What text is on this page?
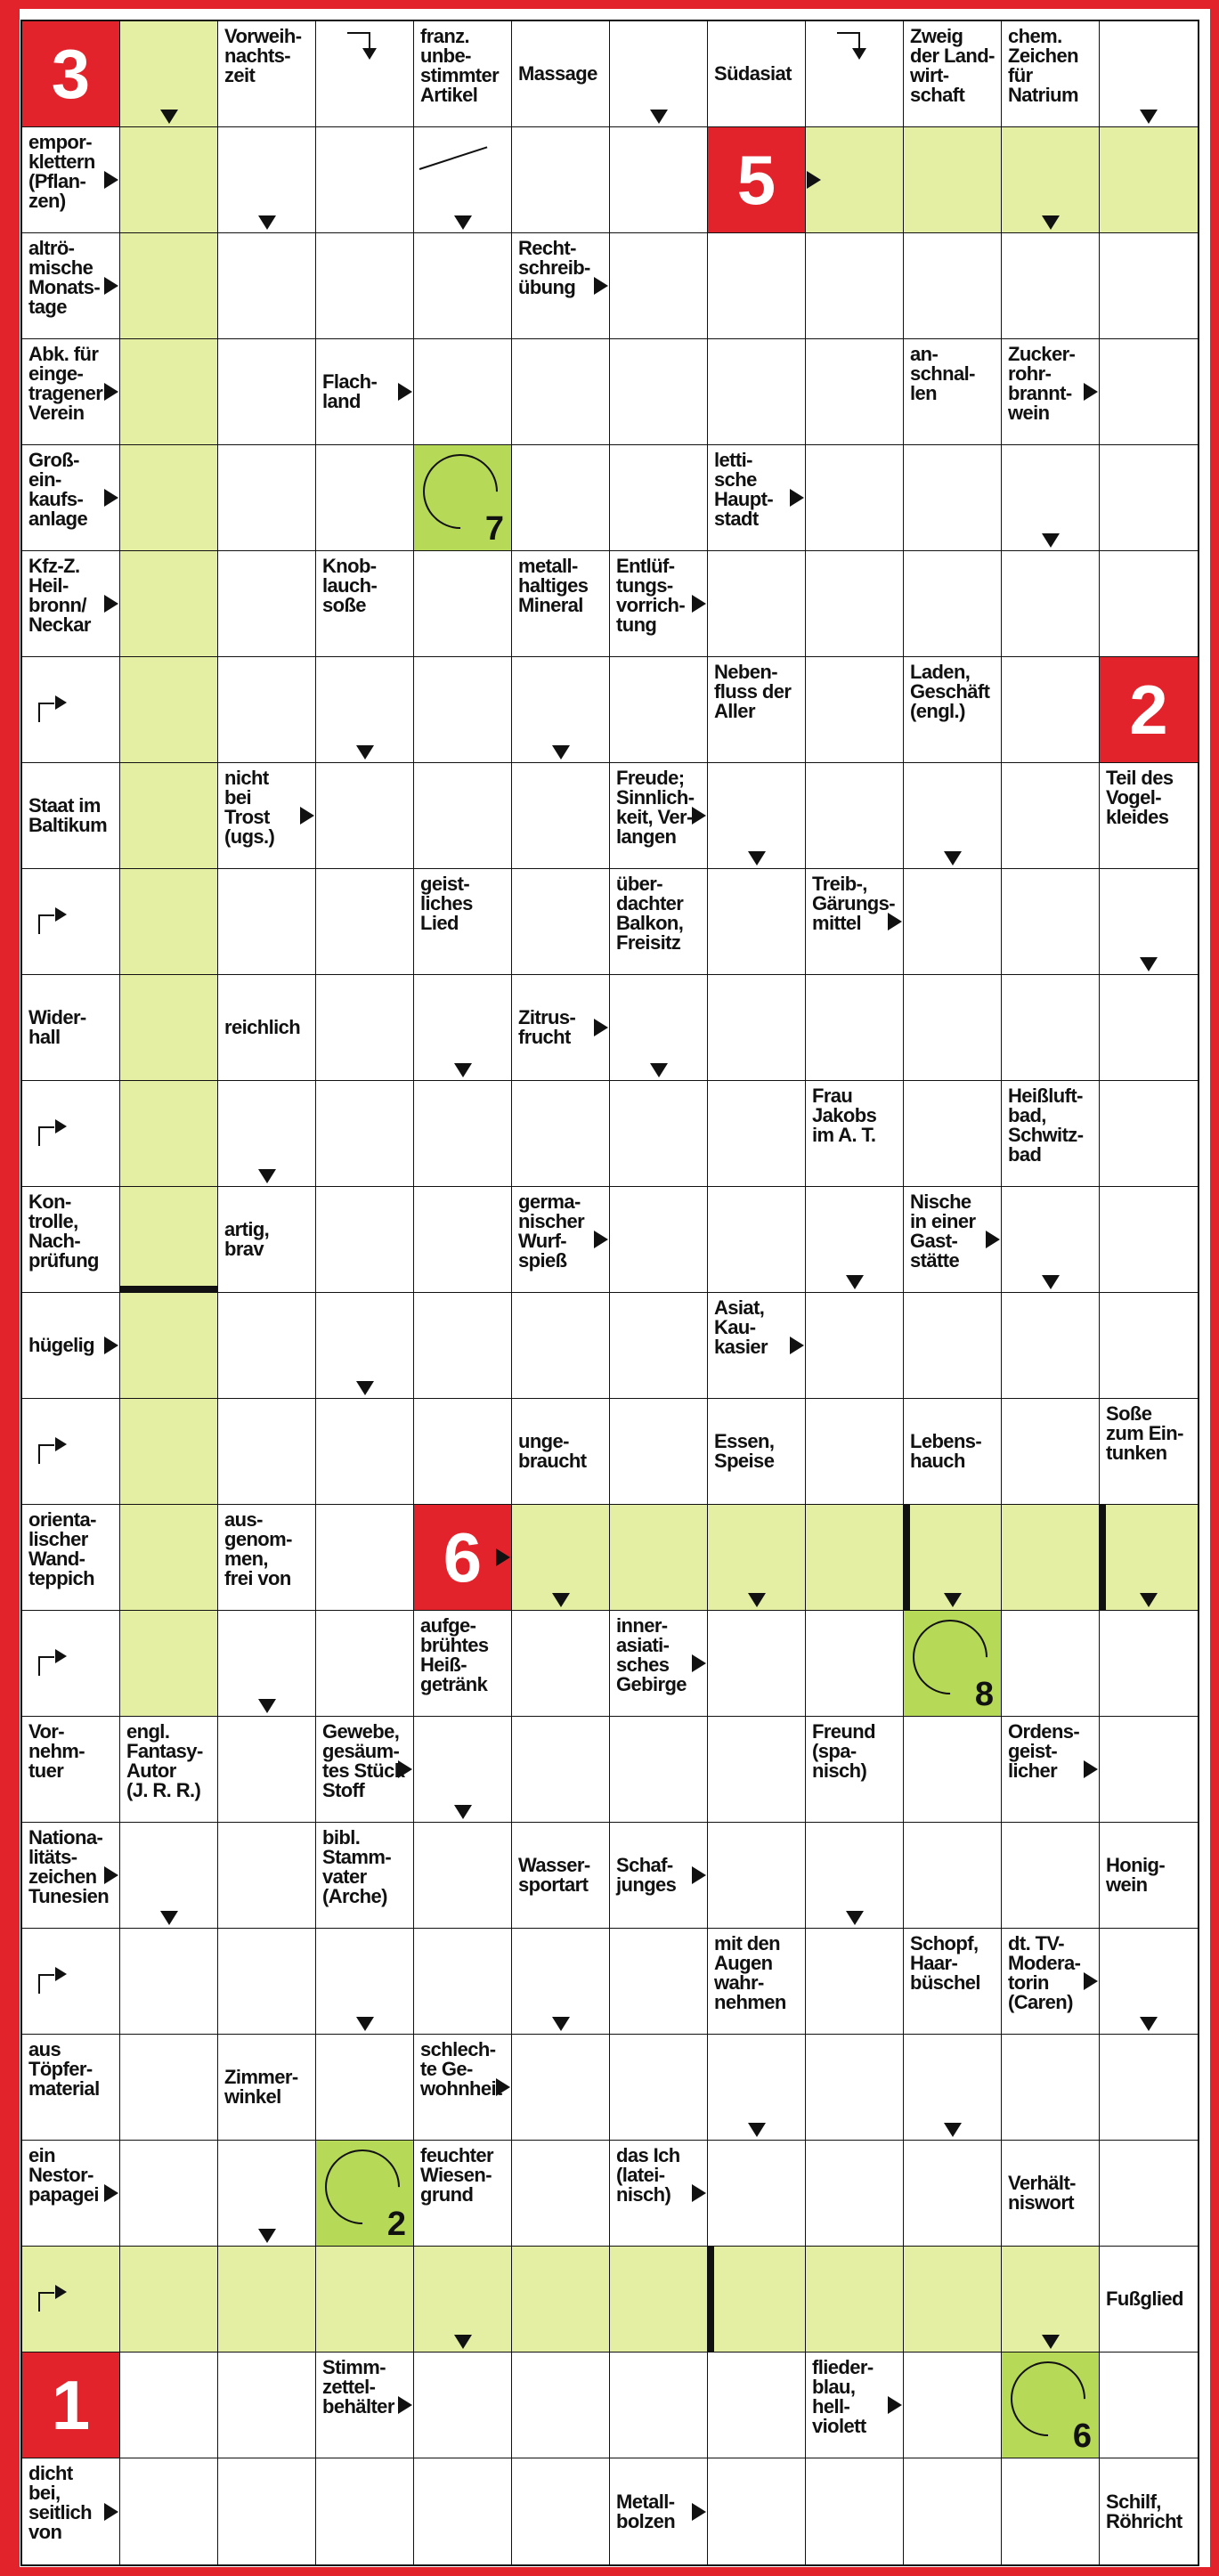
3	Vorweih-
nachts-
zeit
franz.
unbe-
stimmter
Artikel
Massage	Südasiat
Zweig
der Land-
wirt-
schaft
chem.
Zeichen
für
Natrium
empor-
klettern
(Pflan-
zen)	5
altrö-
mische
Monats-
tage
Recht-
schreib-
übung
Abk. für
einge-
tragener
Verein
Flach-
land
an-
schnal-
len
Zucker-
rohr-
brannt-
wein
Groß-
ein-
kaufs-
anlage	7
letti-
sche
Haupt-
stadt
Kfz-Z.
Heil-
bronn/
Neckar
Knob-
lauch-
soße
metall-
haltiges
Mineral
Entlüf-
tungs-
vorrich-
tung
Neben-
fluss der
Aller
Laden,
Geschäft
(engl.)	2
Staat im
Baltikum
nicht
bei
Trost
(ugs.)
Freude;
Sinnlich-
keit, Ver-
langen
Teil des
Vogel-
kleides
geist-
liches
Lied
über-
dachter
Balkon,
Freisitz
Treib-,
Gärungs-
mittel
Wider-
hall	reichlich	Zitrus-
frucht
Frau
Jakobs
im A. T.
Heißluft-
bad,
Schwitz-
bad
Kon-
trolle,
Nach-
prüfung
artig,
brav
germa-
nischer
Wurf-
spieß
Nische
in einer
Gast-
stätte
hügelig
Asiat,
Kau-
kasier
unge-
braucht
Essen,
Speise
Lebens-
hauch
Soße
zum Ein-
tunken
orienta-
lischer
Wand-
teppich
aus-
genom-
men,
frei von 6
aufge-
brühtes
Heiß-
getränk
inner-
asiati-
sches
Gebirge	8
Vor-
nehm-
tuer
engl.
Fantasy-
Autor
(J. R. R.)
Gewebe,
gesäum-
tes Stück
Stoff
Freund
(spa-
nisch)
Ordens-
geist-
licher
Nationa-
litäts-
zeichen
Tunesien
bibl.
Stamm-
vater
(Arche)
Wasser-
sportart
Schaf-
junges
Honig-
wein
mit den
Augen
wahr-
nehmen
Schopf,
Haar-
büschel
dt. TV-
Modera-
torin
(Caren)
aus
Töpfer-
material
Zimmer-
winkel
schlech-
te Ge-
wohnheit
ein
Nestor-
papagei
2
feuchter
Wiesen-
grund
das Ich
(latei-
nisch)
Verhält-
niswort
Fußglied
1	Stimm-
zettel-
behälter
flieder-
blau,
hell-
violett	6
dicht
bei,
seitlich
von
Metall-
bolzen
Schilf,
Röhricht
